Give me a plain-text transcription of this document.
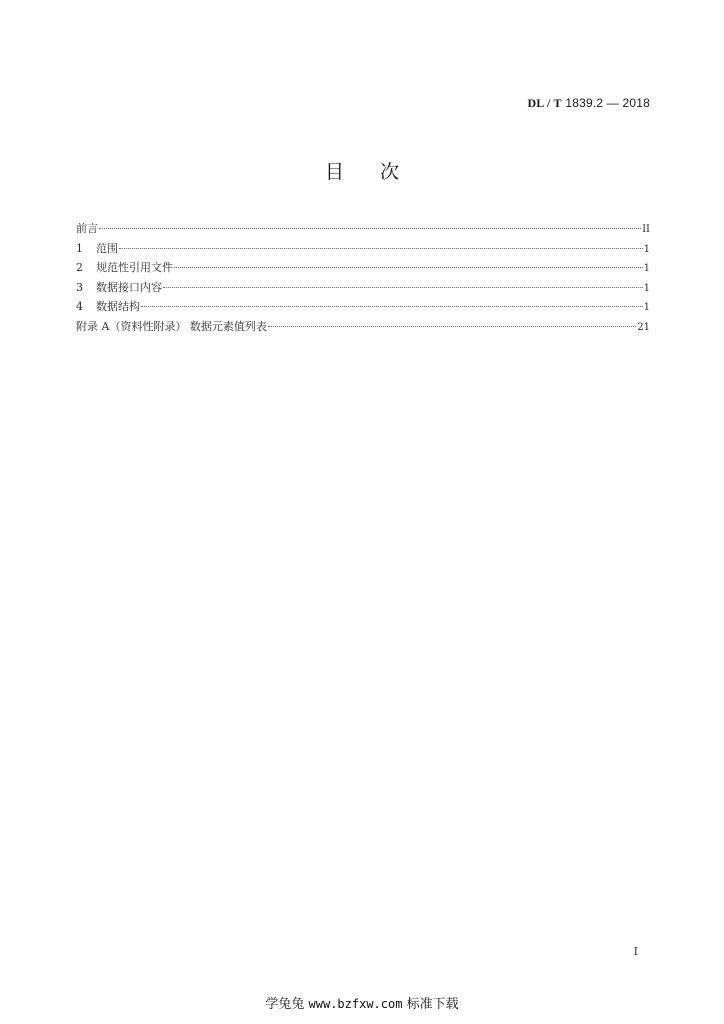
DL / T 1839.2 — 2018
目 次
前言	II
1	范围	1
2	规范性引用文件	1
3	数据接口内容	1
4	数据结构	1
附录 A（资料性附录） 数据元素值列表	21
I
学兔兔 www.bzfxw.com 标准下载
